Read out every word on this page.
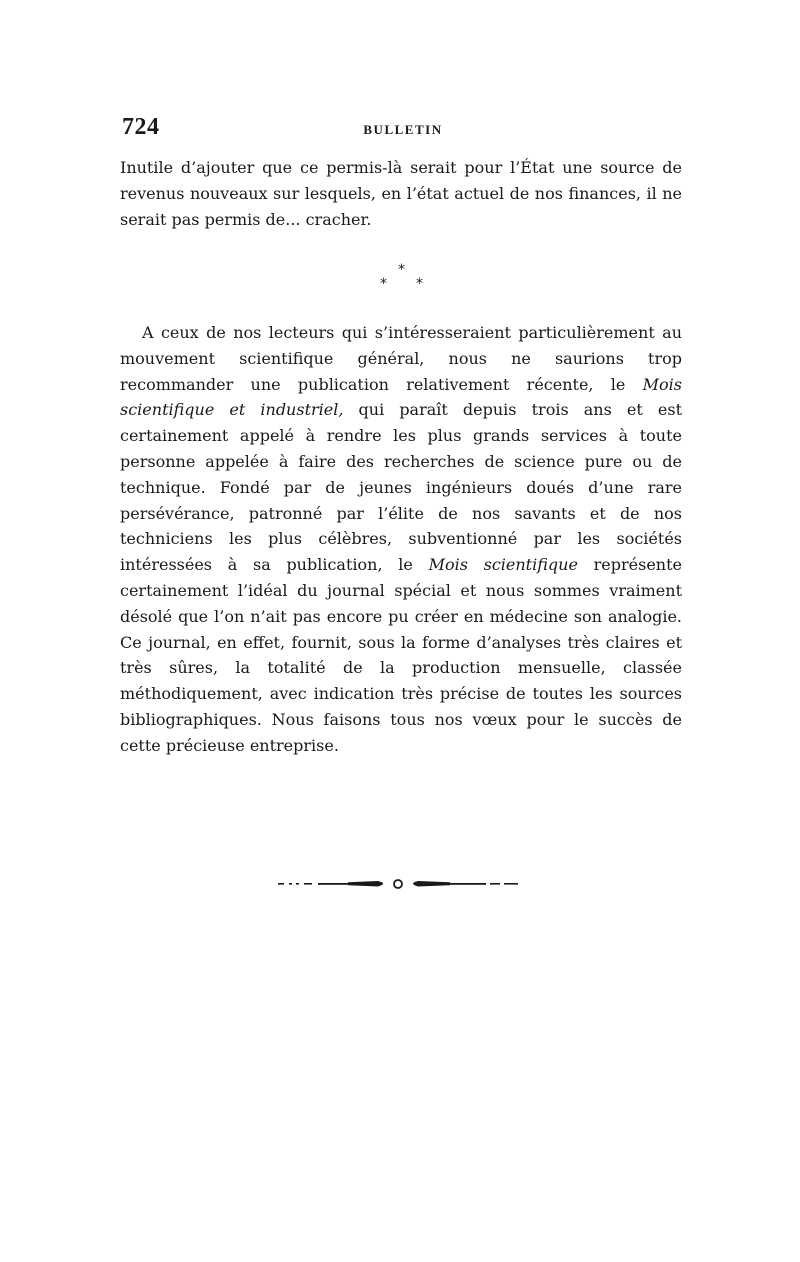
724	BULLETIN

Inutile d’ajouter que ce permis-là serait pour l’État une source de revenus nouveaux sur lesquels, en l’état actuel de nos finances, il ne serait pas permis de... cracher.

*
* *

A ceux de nos lecteurs qui s’intéresseraient particulièrement au mouvement scientifique général, nous ne saurions trop recommander une publication relativement récente, le Mois scientifique et industriel, qui paraît depuis trois ans et est certainement appelé à rendre les plus grands services à toute personne appelée à faire des recherches de science pure ou de technique. Fondé par de jeunes ingénieurs doués d’une rare persévérance, patronné par l’élite de nos savants et de nos techniciens les plus célèbres, subventionné par les sociétés intéressées à sa publication, le Mois scientifique représente certainement l’idéal du journal spécial et nous sommes vraiment désolé que l’on n’ait pas encore pu créer en médecine son analogie. Ce journal, en effet, fournit, sous la forme d’analyses très claires et très sûres, la totalité de la production mensuelle, classée méthodiquement, avec indication très précise de toutes les sources bibliographiques. Nous faisons tous nos vœux pour le succès de cette précieuse entreprise.
